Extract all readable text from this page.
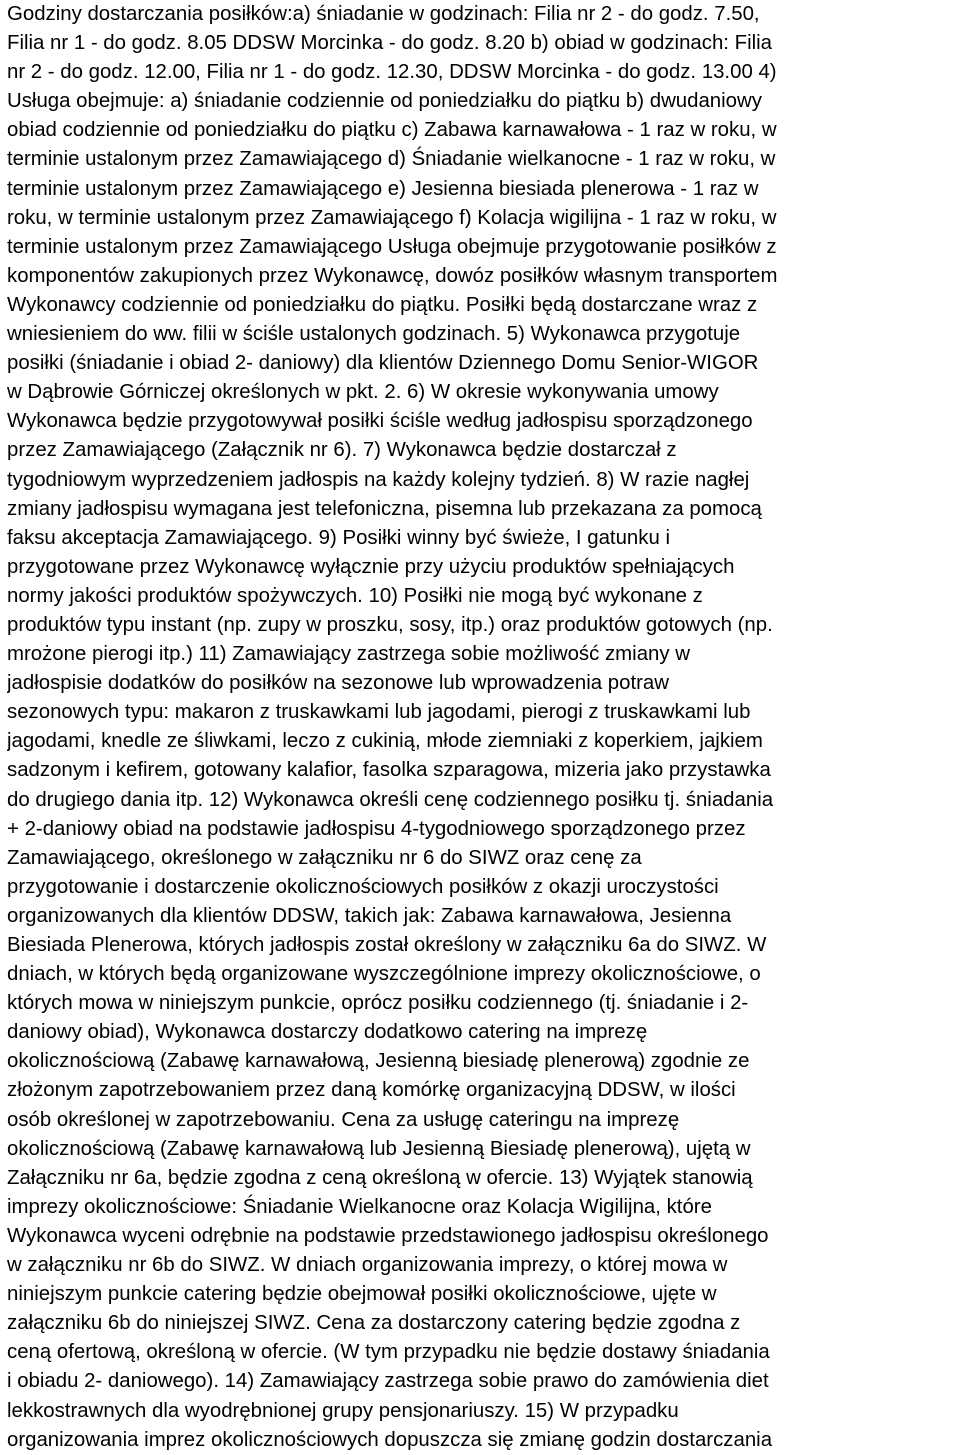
Godziny dostarczania posiłków:a) śniadanie w godzinach: Filia nr 2 - do godz. 7.50,
Filia nr 1 - do godz. 8.05 DDSW Morcinka - do godz. 8.20 b) obiad w godzinach: Filia
nr 2 - do godz. 12.00, Filia nr 1 - do godz. 12.30, DDSW Morcinka - do godz. 13.00 4)
Usługa obejmuje: a) śniadanie codziennie od poniedziałku do piątku b) dwudaniowy
obiad codziennie od poniedziałku do piątku c) Zabawa karnawałowa - 1 raz w roku, w
terminie ustalonym przez Zamawiającego d) Śniadanie wielkanocne - 1 raz w roku, w
terminie ustalonym przez Zamawiającego e) Jesienna biesiada plenerowa - 1 raz w
roku, w terminie ustalonym przez Zamawiającego f) Kolacja wigilijna - 1 raz w roku, w
terminie ustalonym przez Zamawiającego Usługa obejmuje przygotowanie posiłków z
komponentów zakupionych przez Wykonawcę, dowóz posiłków własnym transportem
Wykonawcy codziennie od poniedziałku do piątku. Posiłki będą dostarczane wraz z
wniesieniem do ww. filii w ściśle ustalonych godzinach. 5) Wykonawca przygotuje
posiłki (śniadanie i obiad 2- daniowy) dla klientów Dziennego Domu Senior-WIGOR
w Dąbrowie Górniczej określonych w pkt. 2. 6) W okresie wykonywania umowy
Wykonawca będzie przygotowywał posiłki ściśle według jadłospisu sporządzonego
przez Zamawiającego (Załącznik nr 6). 7) Wykonawca będzie dostarczał z
tygodniowym wyprzedzeniem jadłospis na każdy kolejny tydzień. 8) W razie nagłej
zmiany jadłospisu wymagana jest telefoniczna, pisemna lub przekazana za pomocą
faksu akceptacja Zamawiającego. 9) Posiłki winny być świeże, I gatunku i
przygotowane przez Wykonawcę wyłącznie przy użyciu produktów spełniających
normy jakości produktów spożywczych. 10) Posiłki nie mogą być wykonane z
produktów typu instant (np. zupy w proszku, sosy, itp.) oraz produktów gotowych (np.
mrożone pierogi itp.) 11) Zamawiający zastrzega sobie możliwość zmiany w
jadłospisie dodatków do posiłków na sezonowe lub wprowadzenia potraw
sezonowych typu: makaron z truskawkami lub jagodami, pierogi z truskawkami lub
jagodami, knedle ze śliwkami, leczo z cukinią, młode ziemniaki z koperkiem, jajkiem
sadzonym i kefirem, gotowany kalafior, fasolka szparagowa, mizeria jako przystawka
do drugiego dania itp. 12) Wykonawca określi cenę codziennego posiłku tj. śniadania
+ 2-daniowy obiad na podstawie jadłospisu 4-tygodniowego sporządzonego przez
Zamawiającego, określonego w załączniku nr 6 do SIWZ oraz cenę za
przygotowanie i dostarczenie okolicznościowych posiłków z okazji uroczystości
organizowanych dla klientów DDSW, takich jak: Zabawa karnawałowa, Jesienna
Biesiada Plenerowa, których jadłospis został określony w załączniku 6a do SIWZ. W
dniach, w których będą organizowane wyszczególnione imprezy okolicznościowe, o
których mowa w niniejszym punkcie, oprócz posiłku codziennego (tj. śniadanie i 2-
daniowy obiad), Wykonawca dostarczy dodatkowo catering na imprezę
okolicznościową (Zabawę karnawałową, Jesienną biesiadę plenerową) zgodnie ze
złożonym zapotrzebowaniem przez daną komórkę organizacyjną DDSW, w ilości
osób określonej w zapotrzebowaniu. Cena za usługę cateringu na imprezę
okolicznościową (Zabawę karnawałową lub Jesienną Biesiadę plenerową), ujętą w
Załączniku nr 6a, będzie zgodna z ceną określoną w ofercie. 13) Wyjątek stanowią
imprezy okolicznościowe: Śniadanie Wielkanocne oraz Kolacja Wigilijna, które
Wykonawca wyceni odrębnie na podstawie przedstawionego jadłospisu określonego
w załączniku nr 6b do SIWZ. W dniach organizowania imprezy, o której mowa w
niniejszym punkcie catering będzie obejmował posiłki okolicznościowe, ujęte w
załączniku 6b do niniejszej SIWZ. Cena za dostarczony catering będzie zgodna z
ceną ofertową, określoną w ofercie. (W tym przypadku nie będzie dostawy śniadania
i obiadu 2- daniowego). 14) Zamawiający zastrzega sobie prawo do zamówienia diet
lekkostrawnych dla wyodrębnionej grupy pensjonariuszy. 15) W przypadku
organizowania imprez okolicznościowych dopuszcza się zmianę godzin dostarczania
